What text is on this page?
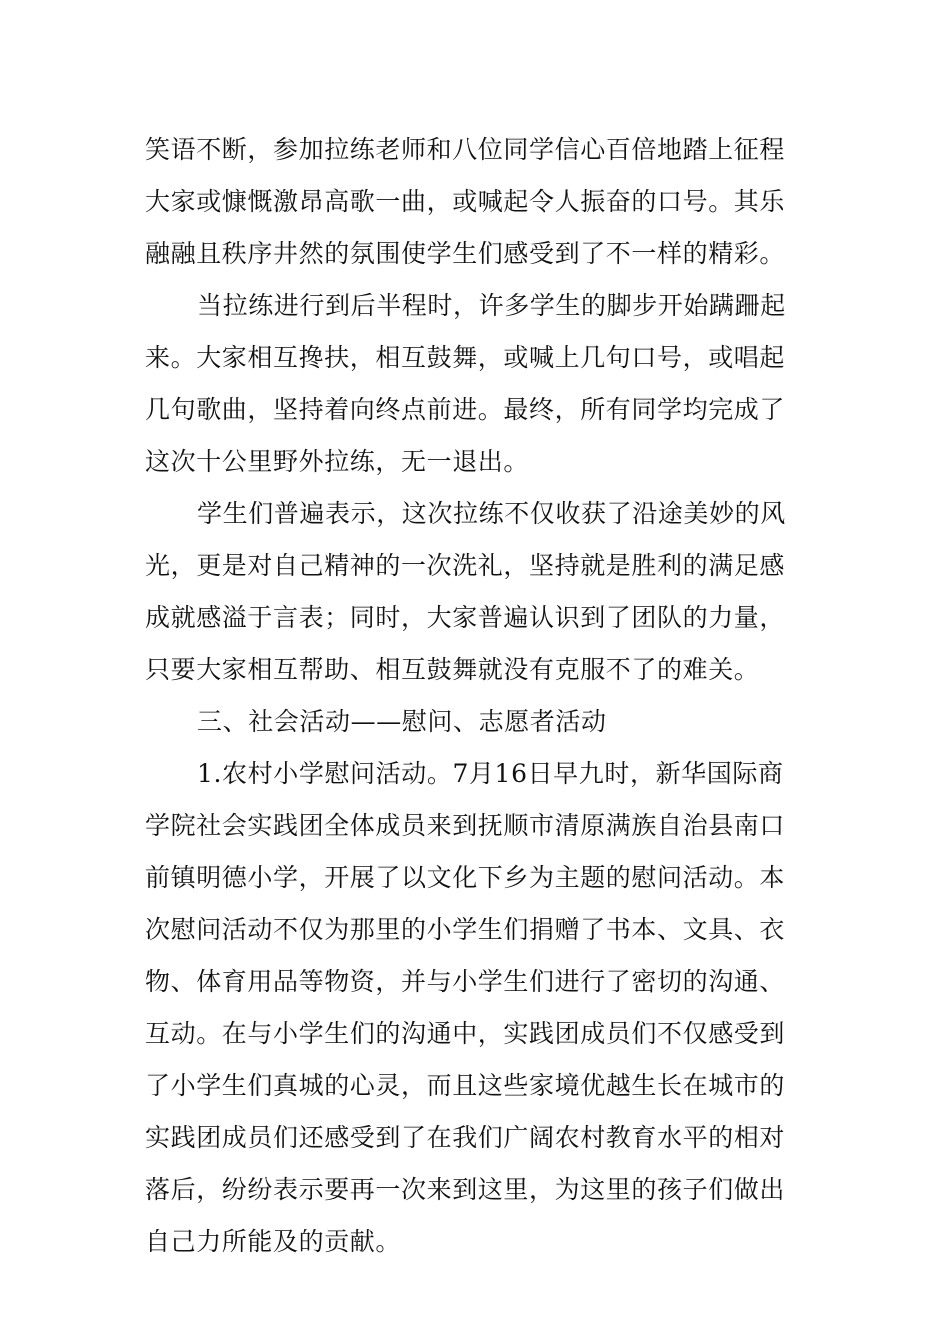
笑语不断，参加拉练老师和八位同学信心百倍地踏上征程
大家或慷慨激昂高歌一曲，或喊起令人振奋的口号。其乐
融融且秩序井然的氛围使学生们感受到了不一样的精彩。
当拉练进行到后半程时，许多学生的脚步开始蹒跚起
来。大家相互搀扶，相互鼓舞，或喊上几句口号，或唱起
几句歌曲，坚持着向终点前进。最终，所有同学均完成了
这次十公里野外拉练，无一退出。
学生们普遍表示，这次拉练不仅收获了沿途美妙的风
光，更是对自己精神的一次洗礼，坚持就是胜利的满足感
成就感溢于言表；同时，大家普遍认识到了团队的力量，
只要大家相互帮助、相互鼓舞就没有克服不了的难关。
三、社会活动——慰问、志愿者活动
1.农村小学慰问活动。7月16日早九时，新华国际商
学院社会实践团全体成员来到抚顺市清原满族自治县南口
前镇明德小学，开展了以文化下乡为主题的慰问活动。本
次慰问活动不仅为那里的小学生们捐赠了书本、文具、衣
物、体育用品等物资，并与小学生们进行了密切的沟通、
互动。在与小学生们的沟通中，实践团成员们不仅感受到
了小学生们真城的心灵，而且这些家境优越生长在城市的
实践团成员们还感受到了在我们广阔农村教育水平的相对
落后，纷纷表示要再一次来到这里，为这里的孩子们做出
自己力所能及的贡献。
